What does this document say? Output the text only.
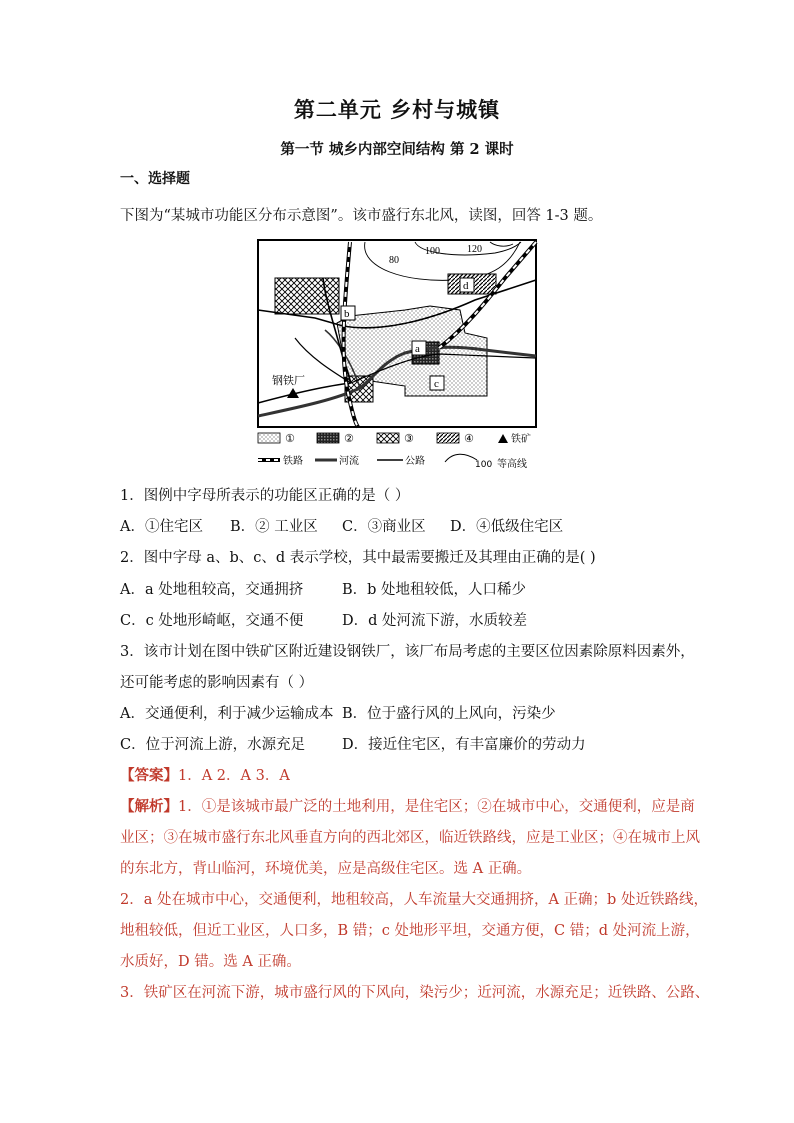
第二单元 乡村与城镇
第一节 城乡内部空间结构 第 2 课时
一、选择题
下图为“某城市功能区分布示意图”。该市盛行东北风，读图，回答 1-3 题。
80
100	120
a
b
c
d
钢铁厂
①	②	③	④	铁矿
铁路	河流	公路	100 等高线
1．图例中字母所表示的功能区正确的是（ ）
A．①住宅区 B．② 工业区 C．③商业区 D．④低级住宅区
2．图中字母 a、b、c、d 表示学校，其中最需要搬迁及其理由正确的是( )
A．a 处地租较高，交通拥挤	B．b 处地租较低，人口稀少
C．c 处地形崎岖，交通不便	D．d 处河流下游，水质较差
3．该市计划在图中铁矿区附近建设钢铁厂，该厂布局考虑的主要区位因素除原料因素外，
还可能考虑的影响因素有（ ）
A．交通便利，利于减少运输成本 B．位于盛行风的上风向，污染少
C．位于河流上游，水源充足	D．接近住宅区，有丰富廉价的劳动力
【答案】1．A 2．A 3．A
【解析】1．①是该城市最广泛的土地利用，是住宅区；②在城市中心，交通便利，应是商
业区；③在城市盛行东北风垂直方向的西北郊区，临近铁路线，应是工业区；④在城市上风
的东北方，背山临河，环境优美，应是高级住宅区。选 A 正确。
2．a 处在城市中心，交通便利，地租较高，人车流量大交通拥挤，A 正确；b 处近铁路线，
地租较低，但近工业区，人口多，B 错；c 处地形平坦，交通方便，C 错；d 处河流上游，
水质好，D 错。选 A 正确。
3．铁矿区在河流下游，城市盛行风的下风向，染污少；近河流，水源充足；近铁路、公路、
